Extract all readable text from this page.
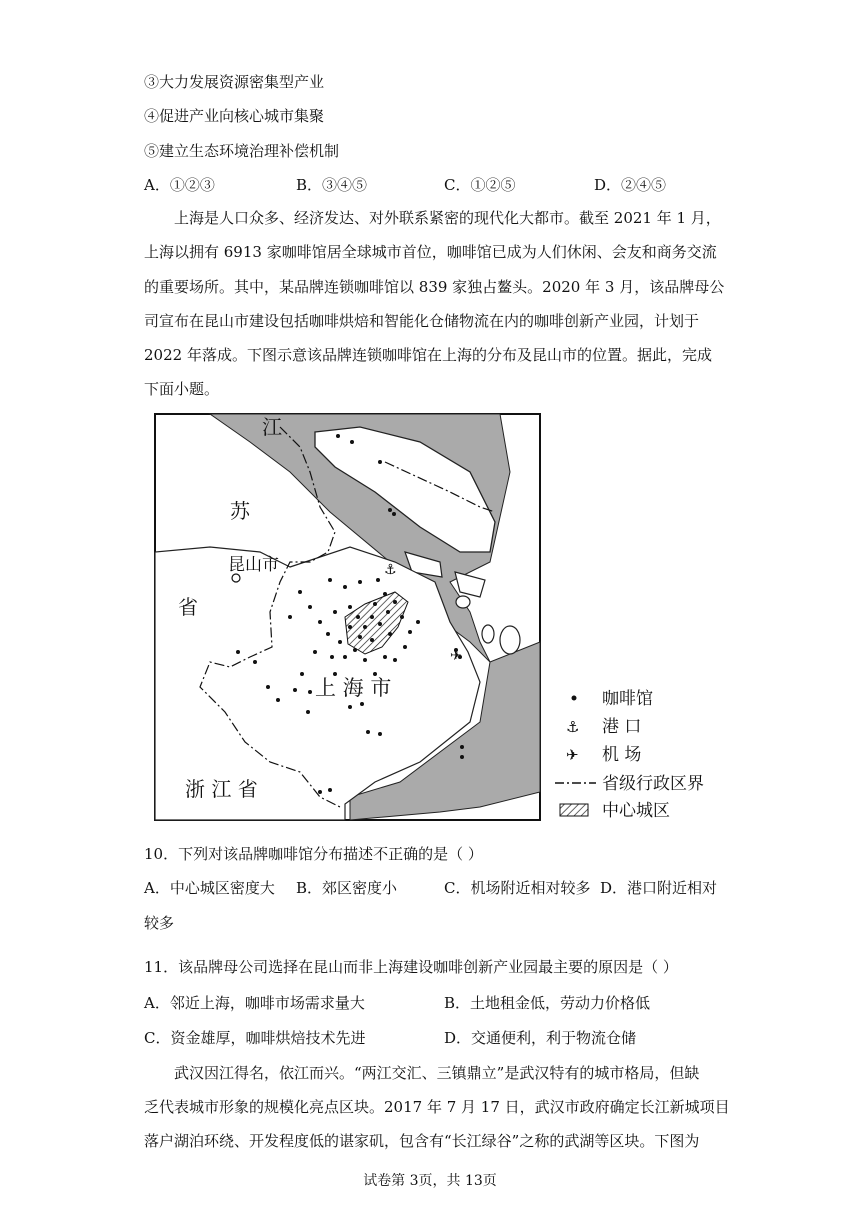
③大力发展资源密集型产业
④促进产业向核心城市集聚
⑤建立生态环境治理补偿机制
A．①②③	B．③④⑤	C．①②⑤	D．②④⑤
上海是人口众多、经济发达、对外联系紧密的现代化大都市。截至 2021 年 1 月，
上海以拥有 6913 家咖啡馆居全球城市首位，咖啡馆已成为人们休闲、会友和商务交流
的重要场所。其中，某品牌连锁咖啡馆以 839 家独占鳌头。2020 年 3 月，该品牌母公
司宣布在昆山市建设包括咖啡烘焙和智能化仓储物流在内的咖啡创新产业园，计划于
2022 年落成。下图示意该品牌连锁咖啡馆在上海的分布及昆山市的位置。据此，完成
下面小题。
⚓
✈
江
苏
昆山市
省
上 海 市
浙 江 省
咖啡馆
⚓ 港 口
✈ 机 场
省级行政区界
中心城区
10．下列对该品牌咖啡馆分布描述不正确的是（ ）
A．中心城区密度大 B．郊区密度小	C．机场附近相对较多 D．港口附近相对
较多
11．该品牌母公司选择在昆山而非上海建设咖啡创新产业园最主要的原因是（ ）
A．邻近上海，咖啡市场需求量大	B．土地租金低，劳动力价格低
C．资金雄厚，咖啡烘焙技术先进	D．交通便利，利于物流仓储
武汉因江得名，依江而兴。“两江交汇、三镇鼎立”是武汉特有的城市格局，但缺
乏代表城市形象的规模化亮点区块。2017 年 7 月 17 日，武汉市政府确定长江新城项目
落户湖泊环绕、开发程度低的谌家矶，包含有“长江绿谷”之称的武湖等区块。下图为
试卷第 3页，共 13页
